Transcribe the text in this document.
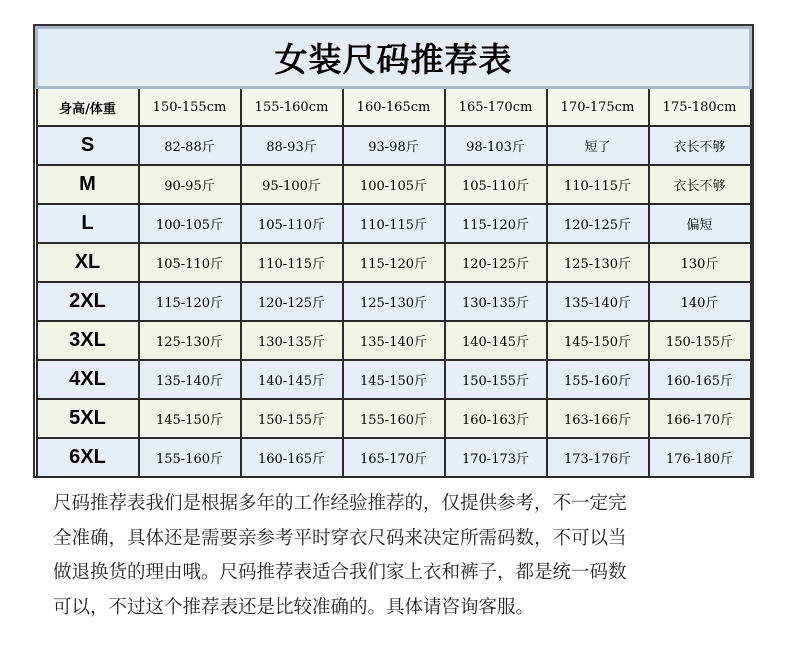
女装尺码推荐表						
身高/体重	150-155cm	155-160cm	160-165cm	165-170cm	170-175cm	175-180cm
S	82-88斤	88-93斤	93-98斤	98-103斤	短了	衣长不够
M	90-95斤	95-100斤	100-105斤	105-110斤	110-115斤	衣长不够
L	100-105斤	105-110斤	110-115斤	115-120斤	120-125斤	偏短
XL	105-110斤	110-115斤	115-120斤	120-125斤	125-130斤	130斤
2XL	115-120斤	120-125斤	125-130斤	130-135斤	135-140斤	140斤
3XL	125-130斤	130-135斤	135-140斤	140-145斤	145-150斤	150-155斤
4XL	135-140斤	140-145斤	145-150斤	150-155斤	155-160斤	160-165斤
5XL	145-150斤	150-155斤	155-160斤	160-163斤	163-166斤	166-170斤
6XL	155-160斤	160-165斤	165-170斤	170-173斤	173-176斤	176-180斤

尺码推荐表我们是根据多年的工作经验推荐的，仅提供参考，不一定完

全准确，具体还是需要亲参考平时穿衣尺码来决定所需码数，不可以当

做退换货的理由哦。尺码推荐表适合我们家上衣和裤子，都是统一码数

可以，不过这个推荐表还是比较准确的。具体请咨询客服。
